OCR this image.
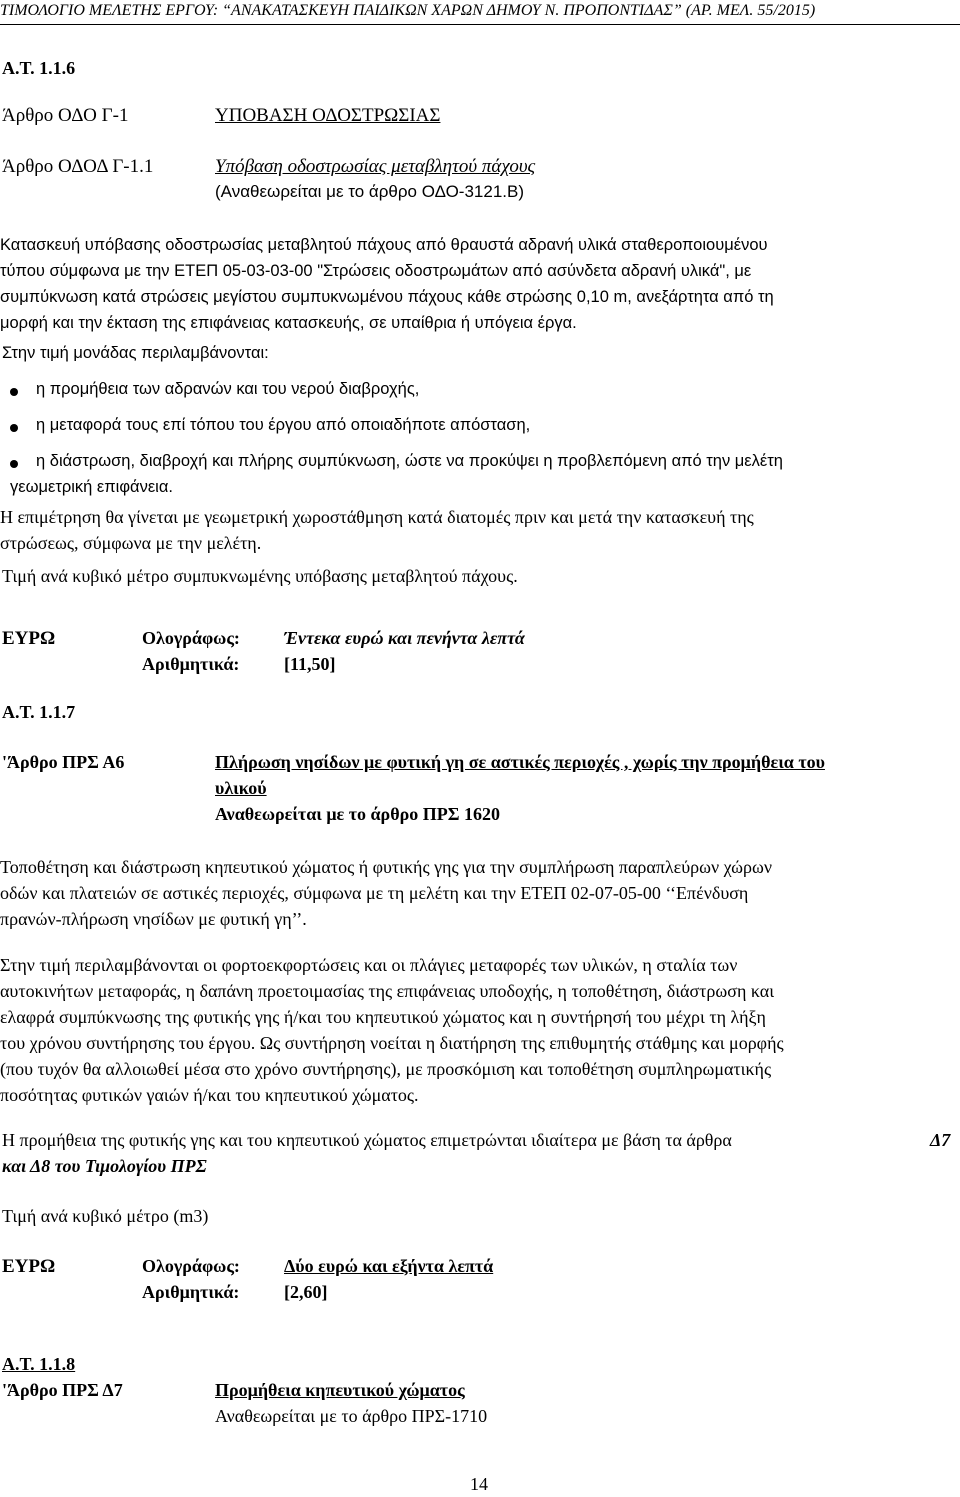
ΤΙΜΟΛΟΓΙΟ ΜΕΛΕΤΗΣ ΕΡΓΟΥ: “ΑΝΑΚΑΤΑΣΚΕΥΗ ΠΑΙΔΙΚΩΝ ΧΑΡΩΝ ΔΗΜΟΥ Ν. ΠΡΟΠΟΝΤΙΔΑΣ” (ΑΡ. ΜΕΛ. 55/2015)
Α.Τ. 1.1.6
Άρθρο ΟΔΟ Γ-1	ΥΠΟΒΑΣΗ ΟΔΟΣΤΡΩΣΙΑΣ
Άρθρο ΟΔΟΔ Γ-1.1	Υπόβαση οδοστρωσίας μεταβλητού πάχους
(Αναθεωρείται με το άρθρο ΟΔΟ-3121.Β)
Κατασκευή υπόβασης οδοστρωσίας μεταβλητού πάχους από θραυστά αδρανή υλικά σταθεροποιουμένου
τύπου σύμφωνα με την ΕΤΕΠ 05-03-03-00 "Στρώσεις οδοστρωμάτων από ασύνδετα αδρανή υλικά", με
συμπύκνωση κατά στρώσεις μεγίστου συμπυκνωμένου πάχους κάθε στρώσης 0,10 m, ανεξάρτητα από τη
μορφή και την έκταση της επιφάνειας κατασκευής, σε υπαίθρια ή υπόγεια έργα.
Στην τιμή μονάδας περιλαμβάνονται:
η προμήθεια των αδρανών και του νερού διαβροχής,
η μεταφορά τους επί τόπου του έργου από οποιαδήποτε απόσταση,
η διάστρωση, διαβροχή και πλήρης συμπύκνωση, ώστε να προκύψει η προβλεπόμενη από την μελέτη
γεωμετρική επιφάνεια.
Η επιμέτρηση θα γίνεται με γεωμετρική χωροστάθμηση κατά διατομές πριν και μετά την κατασκευή της
στρώσεως, σύμφωνα με την μελέτη.
Τιμή ανά κυβικό μέτρο συμπυκνωμένης υπόβασης μεταβλητού πάχους.
ΕΥΡΩ	Ολογράφως: Έντεκα ευρώ και πενήντα λεπτά
Αριθμητικά: [11,50]
Α.Τ. 1.1.7
'Άρθρο ΠΡΣ Α6	Πλήρωση νησίδων με φυτική γη σε αστικές περιοχές , χωρίς την προμήθεια του
υλικού
Αναθεωρείται με το άρθρο ΠΡΣ 1620
Τοποθέτηση και διάστρωση κηπευτικού χώματος ή φυτικής γης για την συμπλήρωση παραπλεύρων χώρων
οδών και πλατειών σε αστικές περιοχές, σύμφωνα με τη μελέτη και την ΕΤΕΠ 02-07-05-00 ‘‘Επένδυση
πρανών-πλήρωση νησίδων με φυτική γη’’.
Στην τιμή περιλαμβάνονται οι φορτοεκφορτώσεις και οι πλάγιες μεταφορές των υλικών, η σταλία των
αυτοκινήτων μεταφοράς, η δαπάνη προετοιμασίας της επιφάνειας υποδοχής, η τοποθέτηση, διάστρωση και
ελαφρά συμπύκνωσης της φυτικής γης ή/και του κηπευτικού χώματος και η συντήρησή του μέχρι τη λήξη
του χρόνου συντήρησης του έργου. Ως συντήρηση νοείται η διατήρηση της επιθυμητής στάθμης και μορφής
(που τυχόν θα αλλοιωθεί μέσα στο χρόνο συντήρησης), με προσκόμιση και τοποθέτηση συμπληρωματικής
ποσότητας φυτικών γαιών ή/και του κηπευτικού χώματος.
Η προμήθεια της φυτικής γης και του κηπευτικού χώματος επιμετρώνται ιδιαίτερα με βάση τα άρθρα	Δ7
και Δ8 του Τιμολογίου ΠΡΣ
Τιμή ανά κυβικό μέτρο (m3)
ΕΥΡΩ	Ολογράφως: Δύο ευρώ και εξήντα λεπτά
Αριθμητικά: [2,60]
Α.Τ. 1.1.8
'Άρθρο ΠΡΣ Δ7	Προμήθεια κηπευτικού χώματος
Αναθεωρείται με το άρθρο ΠΡΣ-1710
14
